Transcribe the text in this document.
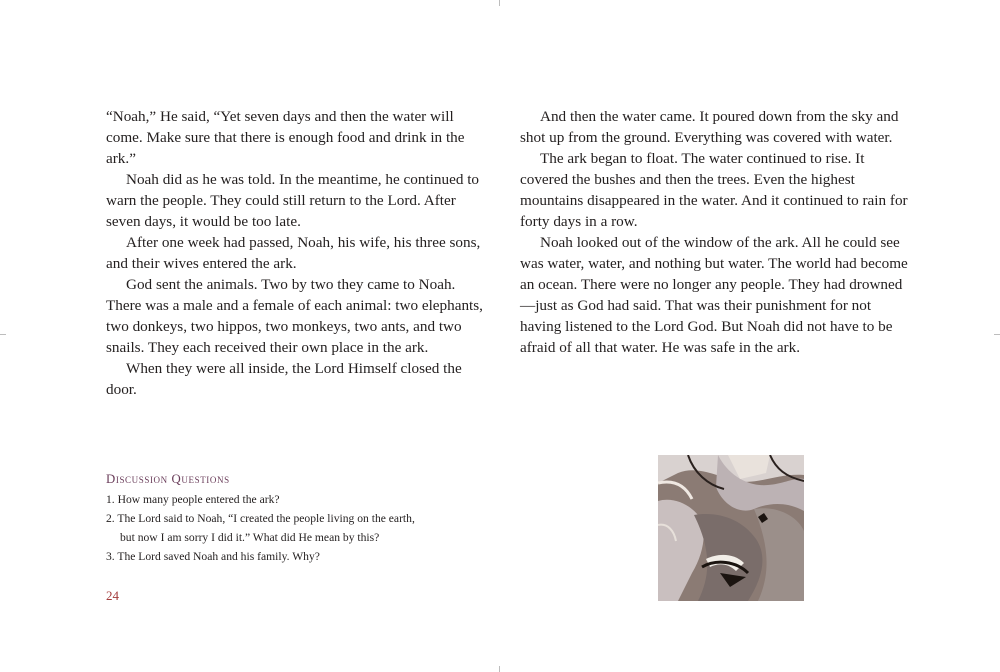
“Noah,” He said, “Yet seven days and then the water will come. Make sure that there is enough food and drink in the ark.”

Noah did as he was told. In the meantime, he continued to warn the people. They could still return to the Lord. After seven days, it would be too late.

After one week had passed, Noah, his wife, his three sons, and their wives entered the ark.

God sent the animals. Two by two they came to Noah. There was a male and a female of each animal: two elephants, two donkeys, two hippos, two monkeys, two ants, and two snails. They each received their own place in the ark.

When they were all inside, the Lord Himself closed the door.

And then the water came. It poured down from the sky and shot up from the ground. Everything was covered with water.

The ark began to float. The water continued to rise. It covered the bushes and then the trees. Even the highest mountains disappeared in the water. And it continued to rain for forty days in a row.

Noah looked out of the window of the ark. All he could see was water, water, and nothing but water. The world had become an ocean. There were no longer any people. They had drowned—just as God had said. That was their punishment for not having listened to the Lord God. But Noah did not have to be afraid of all that water. He was safe in the ark.

Discussion Questions
1. How many people entered the ark?
2. The Lord said to Noah, “I created the people living on the earth,
but now I am sorry I did it.” What did He mean by this?
3. The Lord saved Noah and his family. Why?
24
